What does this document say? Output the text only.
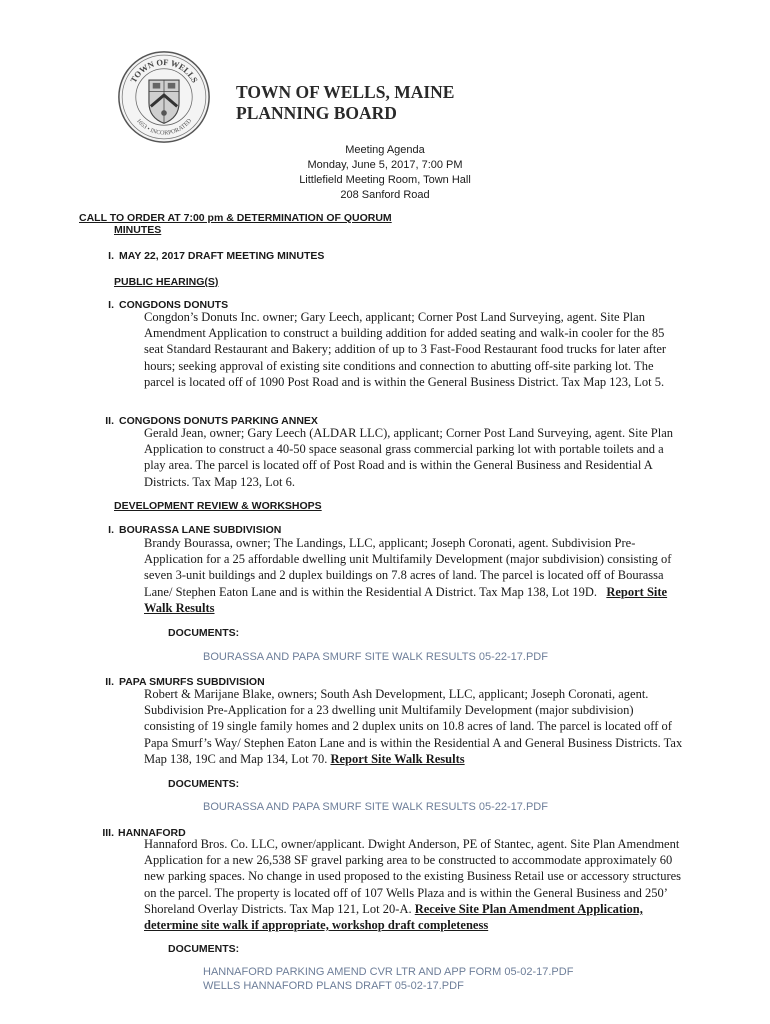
TOWN OF WELLS
1653 • INCORPORATED
TOWN OF WELLS, MAINE
PLANNING BOARD
Meeting Agenda
Monday, June 5, 2017, 7:00 PM
Littlefield Meeting Room, Town Hall
208 Sanford Road
CALL TO ORDER AT 7:00 pm & DETERMINATION OF QUORUM
MINUTES
I. MAY 22, 2017 DRAFT MEETING MINUTES
PUBLIC HEARING(S)
I. CONGDONS DONUTS
Congdon’s Donuts Inc. owner; Gary Leech, applicant; Corner Post Land Surveying, agent. Site Plan Amendment Application to construct a building addition for added seating and walk-in cooler for the 85 seat Standard Restaurant and Bakery; addition of up to 3 Fast-Food Restaurant food trucks for later after hours; seeking approval of existing site conditions and connection to abutting off-site parking lot. The parcel is located off of 1090 Post Road and is within the General Business District. Tax Map 123, Lot 5.
II. CONGDONS DONUTS PARKING ANNEX
Gerald Jean, owner; Gary Leech (ALDAR LLC), applicant; Corner Post Land Surveying, agent. Site Plan Application to construct a 40-50 space seasonal grass commercial parking lot with portable toilets and a play area. The parcel is located off of Post Road and is within the General Business and Residential A Districts. Tax Map 123, Lot 6.
DEVELOPMENT REVIEW & WORKSHOPS
I. BOURASSA LANE SUBDIVISION
Brandy Bourassa, owner; The Landings, LLC, applicant; Joseph Coronati, agent. Subdivision Pre-Application for a 25 affordable dwelling unit Multifamily Development (major subdivision) consisting of seven 3-unit buildings and 2 duplex buildings on 7.8 acres of land. The parcel is located off of Bourassa Lane/ Stephen Eaton Lane and is within the Residential A District. Tax Map 138, Lot 19D. Report Site Walk Results
DOCUMENTS:
BOURASSA AND PAPA SMURF SITE WALK RESULTS 05-22-17.PDF
II. PAPA SMURFS SUBDIVISION
Robert & Marijane Blake, owners; South Ash Development, LLC, applicant; Joseph Coronati, agent. Subdivision Pre-Application for a 23 dwelling unit Multifamily Development (major subdivision) consisting of 19 single family homes and 2 duplex units on 10.8 acres of land. The parcel is located off of Papa Smurf’s Way/ Stephen Eaton Lane and is within the Residential A and General Business Districts. Tax Map 138, 19C and Map 134, Lot 70. Report Site Walk Results
DOCUMENTS:
BOURASSA AND PAPA SMURF SITE WALK RESULTS 05-22-17.PDF
III. HANNAFORD
Hannaford Bros. Co. LLC, owner/applicant. Dwight Anderson, PE of Stantec, agent. Site Plan Amendment Application for a new 26,538 SF gravel parking area to be constructed to accommodate approximately 60 new parking spaces. No change in used proposed to the existing Business Retail use or accessory structures on the parcel. The property is located off of 107 Wells Plaza and is within the General Business and 250’ Shoreland Overlay Districts. Tax Map 121, Lot 20-A. Receive Site Plan Amendment Application, determine site walk if appropriate, workshop draft completeness
DOCUMENTS:
HANNAFORD PARKING AMEND CVR LTR AND APP FORM 05-02-17.PDF
WELLS HANNAFORD PLANS DRAFT 05-02-17.PDF
